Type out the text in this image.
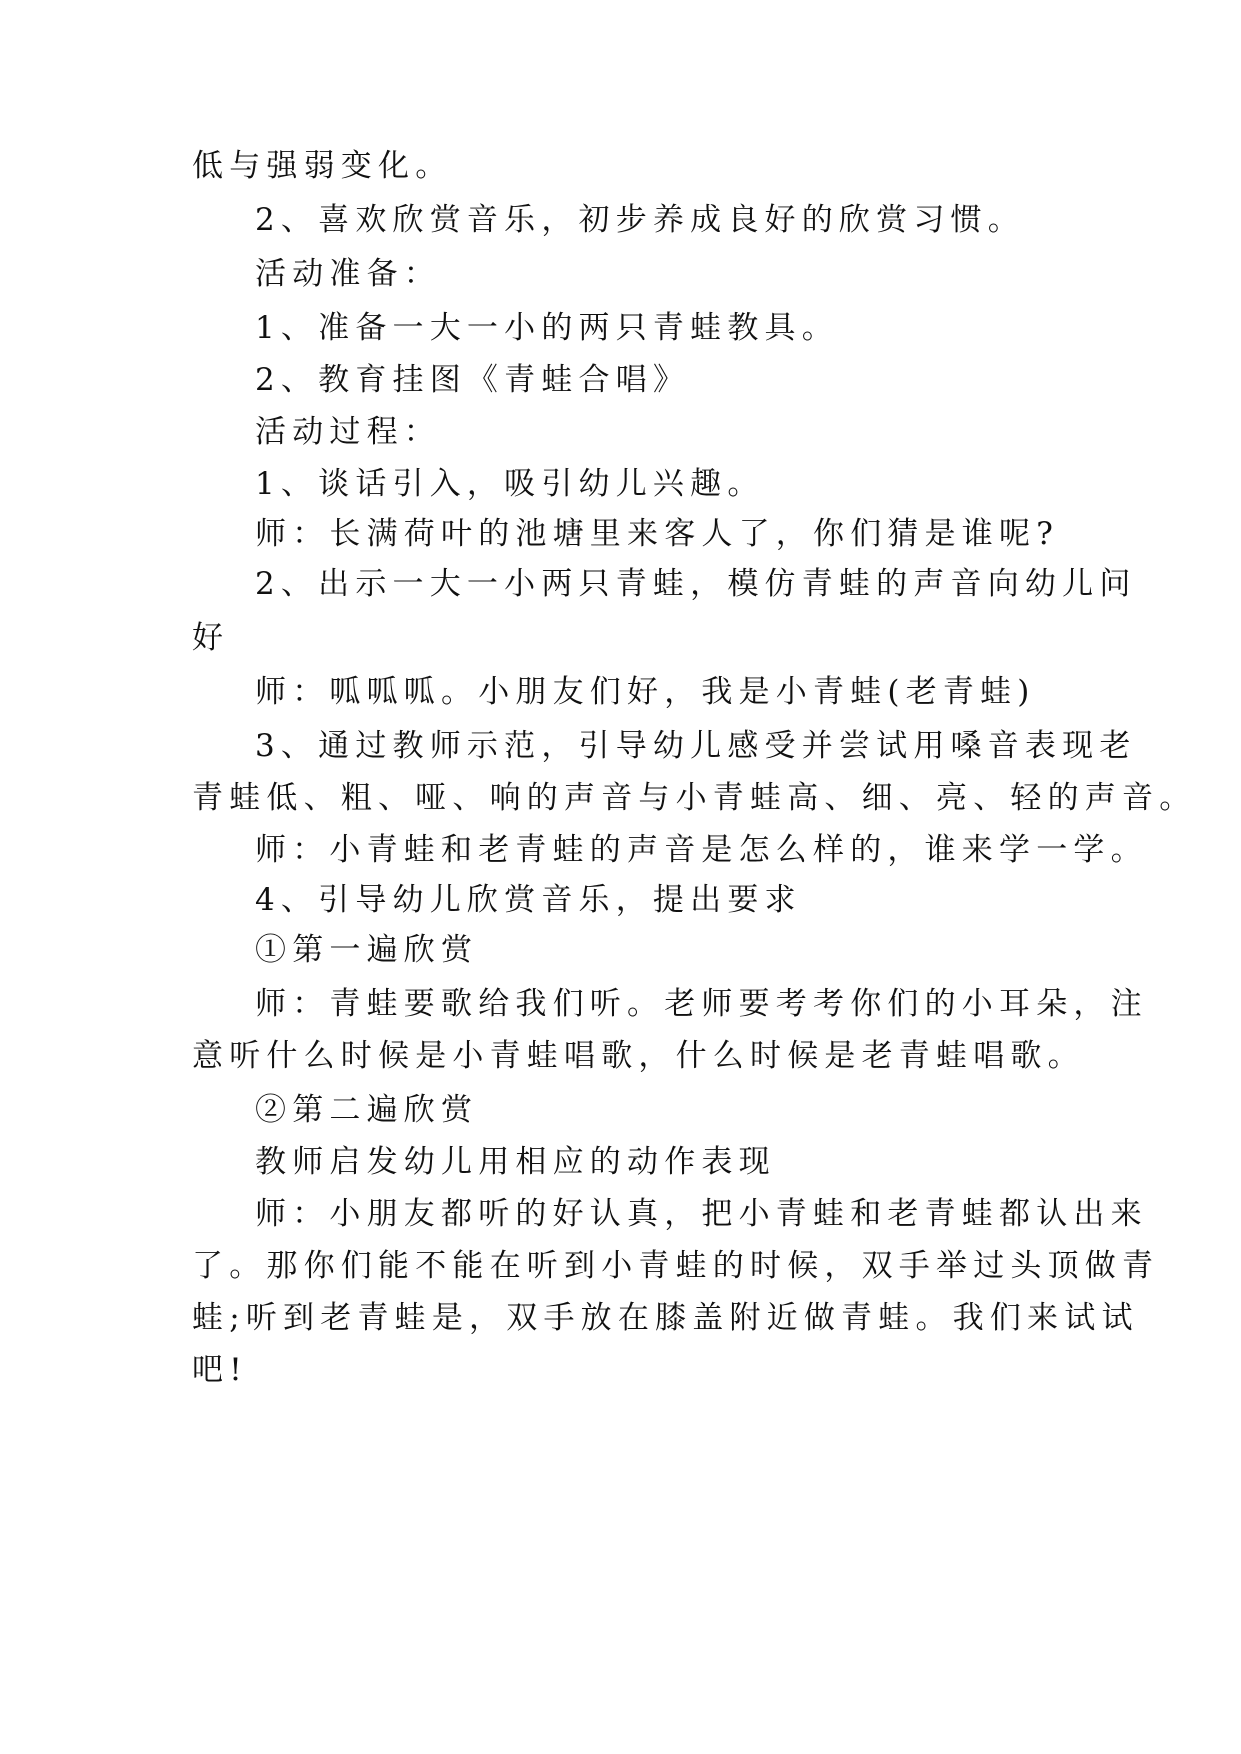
低与强弱变化。
2、喜欢欣赏音乐，初步养成良好的欣赏习惯。
活动准备：
1、准备一大一小的两只青蛙教具。
2、教育挂图《青蛙合唱》
活动过程：
1、谈话引入，吸引幼儿兴趣。
师：长满荷叶的池塘里来客人了，你们猜是谁呢?
2、出示一大一小两只青蛙，模仿青蛙的声音向幼儿问
好
师：呱呱呱。小朋友们好，我是小青蛙(老青蛙)
3、通过教师示范，引导幼儿感受并尝试用嗓音表现老
青蛙低、粗、哑、响的声音与小青蛙高、细、亮、轻的声音。
师：小青蛙和老青蛙的声音是怎么样的，谁来学一学。
4、引导幼儿欣赏音乐，提出要求
①第一遍欣赏
师：青蛙要歌给我们听。老师要考考你们的小耳朵，注
意听什么时候是小青蛙唱歌，什么时候是老青蛙唱歌。
②第二遍欣赏
教师启发幼儿用相应的动作表现
师：小朋友都听的好认真，把小青蛙和老青蛙都认出来
了。那你们能不能在听到小青蛙的时候，双手举过头顶做青
蛙;听到老青蛙是，双手放在膝盖附近做青蛙。我们来试试
吧!
